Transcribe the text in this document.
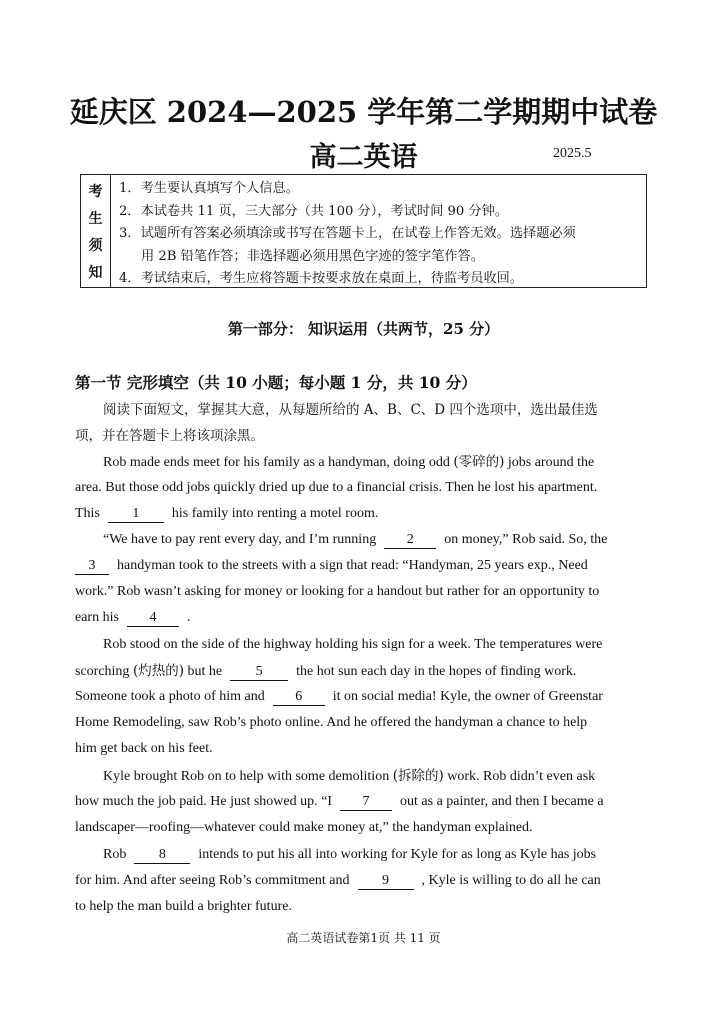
延庆区 2024—2025 学年第二学期期中试卷
高二英语	2025.5
考
生
须
知
1．考生要认真填写个人信息。
2．本试卷共 11 页，三大部分（共 100 分），考试时间 90 分钟。
3．试题所有答案必须填涂或书写在答题卡上，在试卷上作答无效。选择题必须
用 2B 铅笔作答；非选择题必须用黑色字迹的签字笔作答。
4．考试结束后，考生应将答题卡按要求放在桌面上，待监考员收回。
第一部分： 知识运用（共两节，25 分）
第一节 完形填空（共 10 小题；每小题 1 分，共 10 分）
阅读下面短文，掌握其大意，从每题所给的 A、B、C、D 四个选项中，选出最佳选
项，并在答题卡上将该项涂黑。
Rob made ends meet for his family as a handyman, doing odd (零碎的) jobs around the
area. But those odd jobs quickly dried up due to a financial crisis. Then he lost his apartment.
This 1 his family into renting a motel room.
“We have to pay rent every day, and I’m running 2 on money,” Rob said. So, the
3 handyman took to the streets with a sign that read: “Handyman, 25 years exp., Need
work.” Rob wasn’t asking for money or looking for a handout but rather for an opportunity to
earn his 4 .
Rob stood on the side of the highway holding his sign for a week. The temperatures were
scorching (灼热的) but he 5 the hot sun each day in the hopes of finding work.
Someone took a photo of him and 6 it on social media! Kyle, the owner of Greenstar
Home Remodeling, saw Rob’s photo online. And he offered the handyman a chance to help
him get back on his feet.
Kyle brought Rob on to help with some demolition (拆除的) work. Rob didn’t even ask
how much the job paid. He just showed up. “I 7 out as a painter, and then I became a
landscaper—roofing—whatever could make money at,” the handyman explained.
Rob 8 intends to put his all into working for Kyle for as long as Kyle has jobs
for him. And after seeing Rob’s commitment and 9 , Kyle is willing to do all he can
to help the man build a brighter future.
高二英语试卷第1页 共 11 页
